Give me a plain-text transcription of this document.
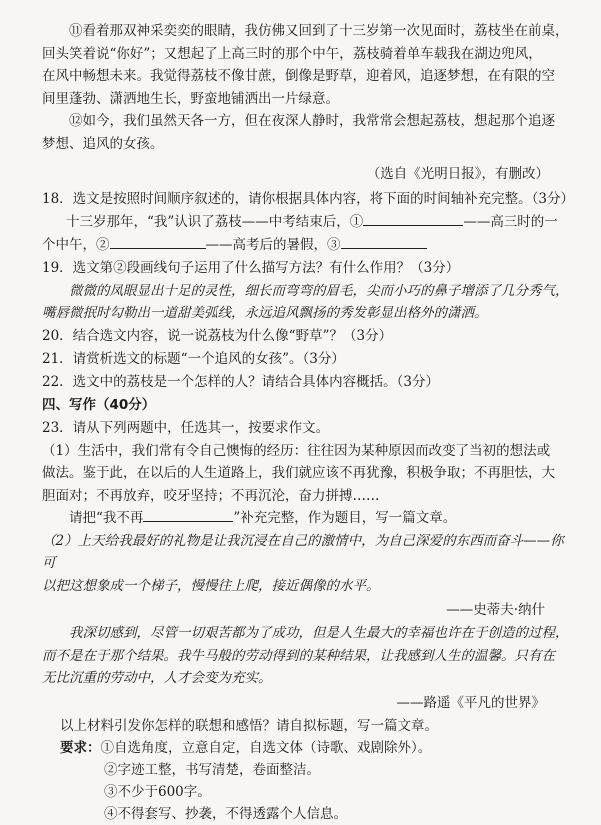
⑪看着那双神采奕奕的眼睛，我仿佛又回到了十三岁第一次见面时，荔枝坐在前桌，

回头笑着说“你好”；又想起了上高三时的那个中午，荔枝骑着单车载我在湖边兜风，

在风中畅想未来。我觉得荔枝不像甘蔗，倒像是野草，迎着风，追逐梦想，在有限的空

间里蓬勃、潇洒地生长，野蛮地铺洒出一片绿意。

⑫如今，我们虽然天各一方，但在夜深人静时，我常常会想起荔枝，想起那个追逐

梦想、追风的女孩。

（选自《光明日报》，有删改）

18．选文是按照时间顺序叙述的，请你根据具体内容，将下面的时间轴补充完整。（3分）

十三岁那年，“我”认识了荔枝——中考结束后，①	——高三时的一

个中午，②	——高考后的暑假，③

19．选文第②段画线句子运用了什么描写方法？有什么作用？（3分）

微微的凤眼显出十足的灵性，细长而弯弯的眉毛，尖而小巧的鼻子增添了几分秀气，

嘴唇微抿时勾勒出一道甜美弧线，永远追风飘扬的秀发彰显出格外的潇洒。

20．结合选文内容，说一说荔枝为什么像“野草”？（3分）

21．请赏析选文的标题“一个追风的女孩”。（3分）

22．选文中的荔枝是一个怎样的人？请结合具体内容概括。（3分）

四、写作（40分）

23．请从下列两题中，任选其一，按要求作文。

（1）生活中，我们常有令自己懊悔的经历：往往因为某种原因而改变了当初的想法或

做法。鉴于此，在以后的人生道路上，我们就应该不再犹豫，积极争取；不再胆怯，大

胆面对；不再放弃，咬牙坚持；不再沉沦，奋力拼搏……

请把“我不再	”补充完整，作为题目，写一篇文章。

（2）上天给我最好的礼物是让我沉浸在自己的激情中，为自己深爱的东西而奋斗——你可

以把这想象成一个梯子，慢慢往上爬，接近偶像的水平。

——史蒂夫·纳什

我深切感到，尽管一切艰苦都为了成功，但是人生最大的幸福也许在于创造的过程，

而不是在于那个结果。我牛马般的劳动得到的某种结果，让我感到人生的温馨。只有在

无比沉重的劳动中，人才会变为充实。

——路遥《平凡的世界》

以上材料引发你怎样的联想和感悟？请自拟标题，写一篇文章。

要求：①自选角度，立意自定，自选文体（诗歌、戏剧除外）。

②字迹工整，书写清楚，卷面整洁。

③不少于600字。

④不得套写、抄袭，不得透露个人信息。
